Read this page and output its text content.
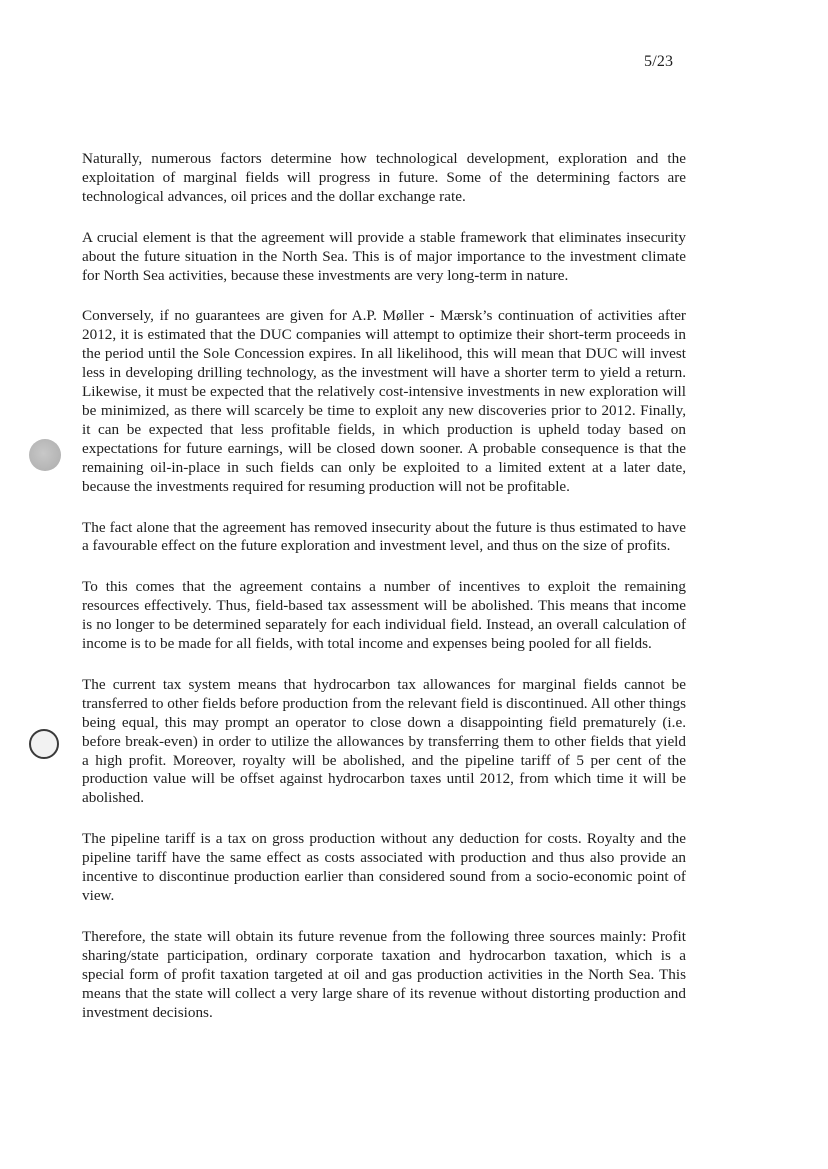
5/23

Naturally, numerous factors determine how technological development, exploration and the exploitation of marginal fields will progress in future. Some of the determining factors are technological advances, oil prices and the dollar exchange rate.

A crucial element is that the agreement will provide a stable framework that eliminates insecurity about the future situation in the North Sea. This is of major importance to the investment climate for North Sea activities, because these investments are very long-term in nature.

Conversely, if no guarantees are given for A.P. Møller - Mærsk’s continuation of activities after 2012, it is estimated that the DUC companies will attempt to optimize their short-term proceeds in the period until the Sole Concession expires. In all likelihood, this will mean that DUC will invest less in developing drilling technology, as the investment will have a shorter term to yield a return. Likewise, it must be expected that the relatively cost-intensive investments in new exploration will be minimized, as there will scarcely be time to exploit any new discoveries prior to 2012. Finally, it can be expected that less profitable fields, in which production is upheld today based on expectations for future earnings, will be closed down sooner. A probable consequence is that the remaining oil-in-place in such fields can only be exploited to a limited extent at a later date, because the investments required for resuming production will not be profitable.

The fact alone that the agreement has removed insecurity about the future is thus estimated to have a favourable effect on the future exploration and investment level, and thus on the size of profits.

To this comes that the agreement contains a number of incentives to exploit the remaining resources effectively. Thus, field-based tax assessment will be abolished. This means that income is no longer to be determined separately for each individual field. Instead, an overall calculation of income is to be made for all fields, with total income and expenses being pooled for all fields.

The current tax system means that hydrocarbon tax allowances for marginal fields cannot be transferred to other fields before production from the relevant field is discontinued. All other things being equal, this may prompt an operator to close down a disappointing field prematurely (i.e. before break-even) in order to utilize the allowances by transferring them to other fields that yield a high profit. Moreover, royalty will be abolished, and the pipeline tariff of 5 per cent of the production value will be offset against hydrocarbon taxes until 2012, from which time it will be abolished.

The pipeline tariff is a tax on gross production without any deduction for costs. Royalty and the pipeline tariff have the same effect as costs associated with production and thus also provide an incentive to discontinue production earlier than considered sound from a socio-economic point of view.

Therefore, the state will obtain its future revenue from the following three sources mainly: Profit sharing/state participation, ordinary corporate taxation and hydrocarbon taxation, which is a special form of profit taxation targeted at oil and gas production activities in the North Sea. This means that the state will collect a very large share of its revenue without distorting production and investment decisions.
